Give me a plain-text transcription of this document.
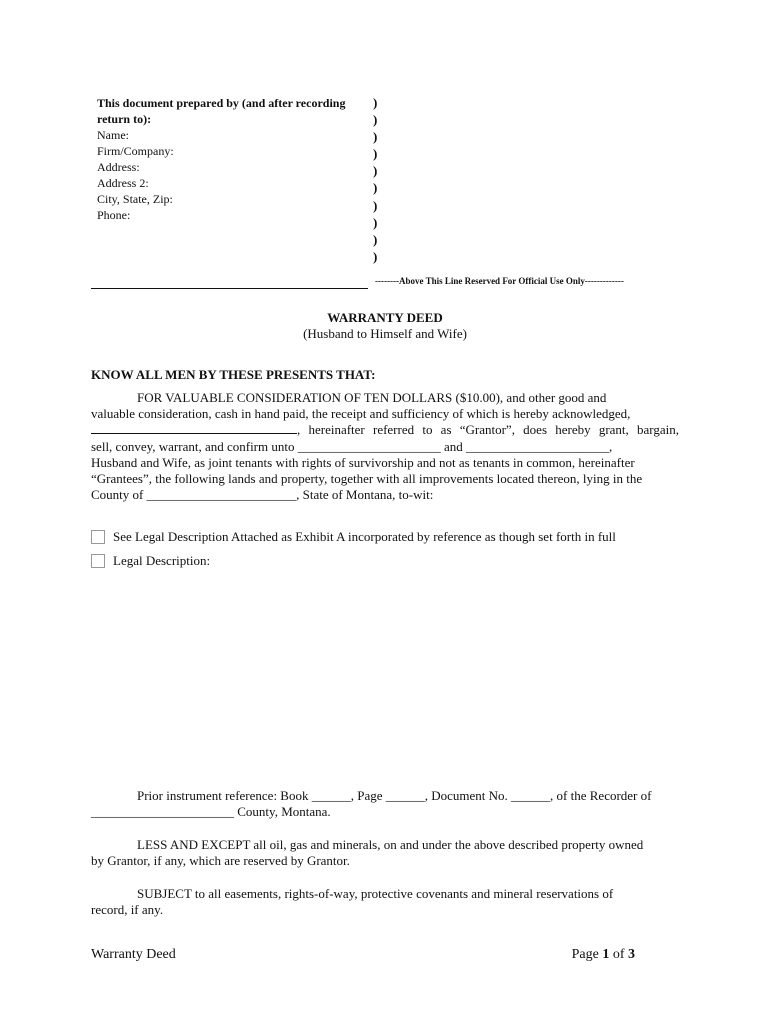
This document prepared by (and after recording
return to):
Name:
Firm/Company:
Address:
Address 2:
City, State, Zip:
Phone:
)
)
)
)
)
)
)
)
)
)
--------Above This Line Reserved For Official Use Only-------------
WARRANTY DEED
(Husband to Himself and Wife)
KNOW ALL MEN BY THESE PRESENTS THAT:
FOR VALUABLE CONSIDERATION OF TEN DOLLARS ($10.00), and other good and
valuable consideration, cash in hand paid, the receipt and sufficiency of which is hereby acknowledged,
, hereinafter referred to as “Grantor”, does hereby grant, bargain,
sell, convey, warrant, and confirm unto ______________________ and ______________________,
Husband and Wife, as joint tenants with rights of survivorship and not as tenants in common, hereinafter
“Grantees”, the following lands and property, together with all improvements located thereon, lying in the
County of _______________________, State of Montana, to-wit:
See Legal Description Attached as Exhibit A incorporated by reference as though set forth in full
Legal Description:
Prior instrument reference: Book ______, Page ______, Document No. ______, of the Recorder of
______________________ County, Montana.
LESS AND EXCEPT all oil, gas and minerals, on and under the above described property owned
by Grantor, if any, which are reserved by Grantor.
SUBJECT to all easements, rights-of-way, protective covenants and mineral reservations of
record, if any.
Warranty Deed	Page 1 of 3
